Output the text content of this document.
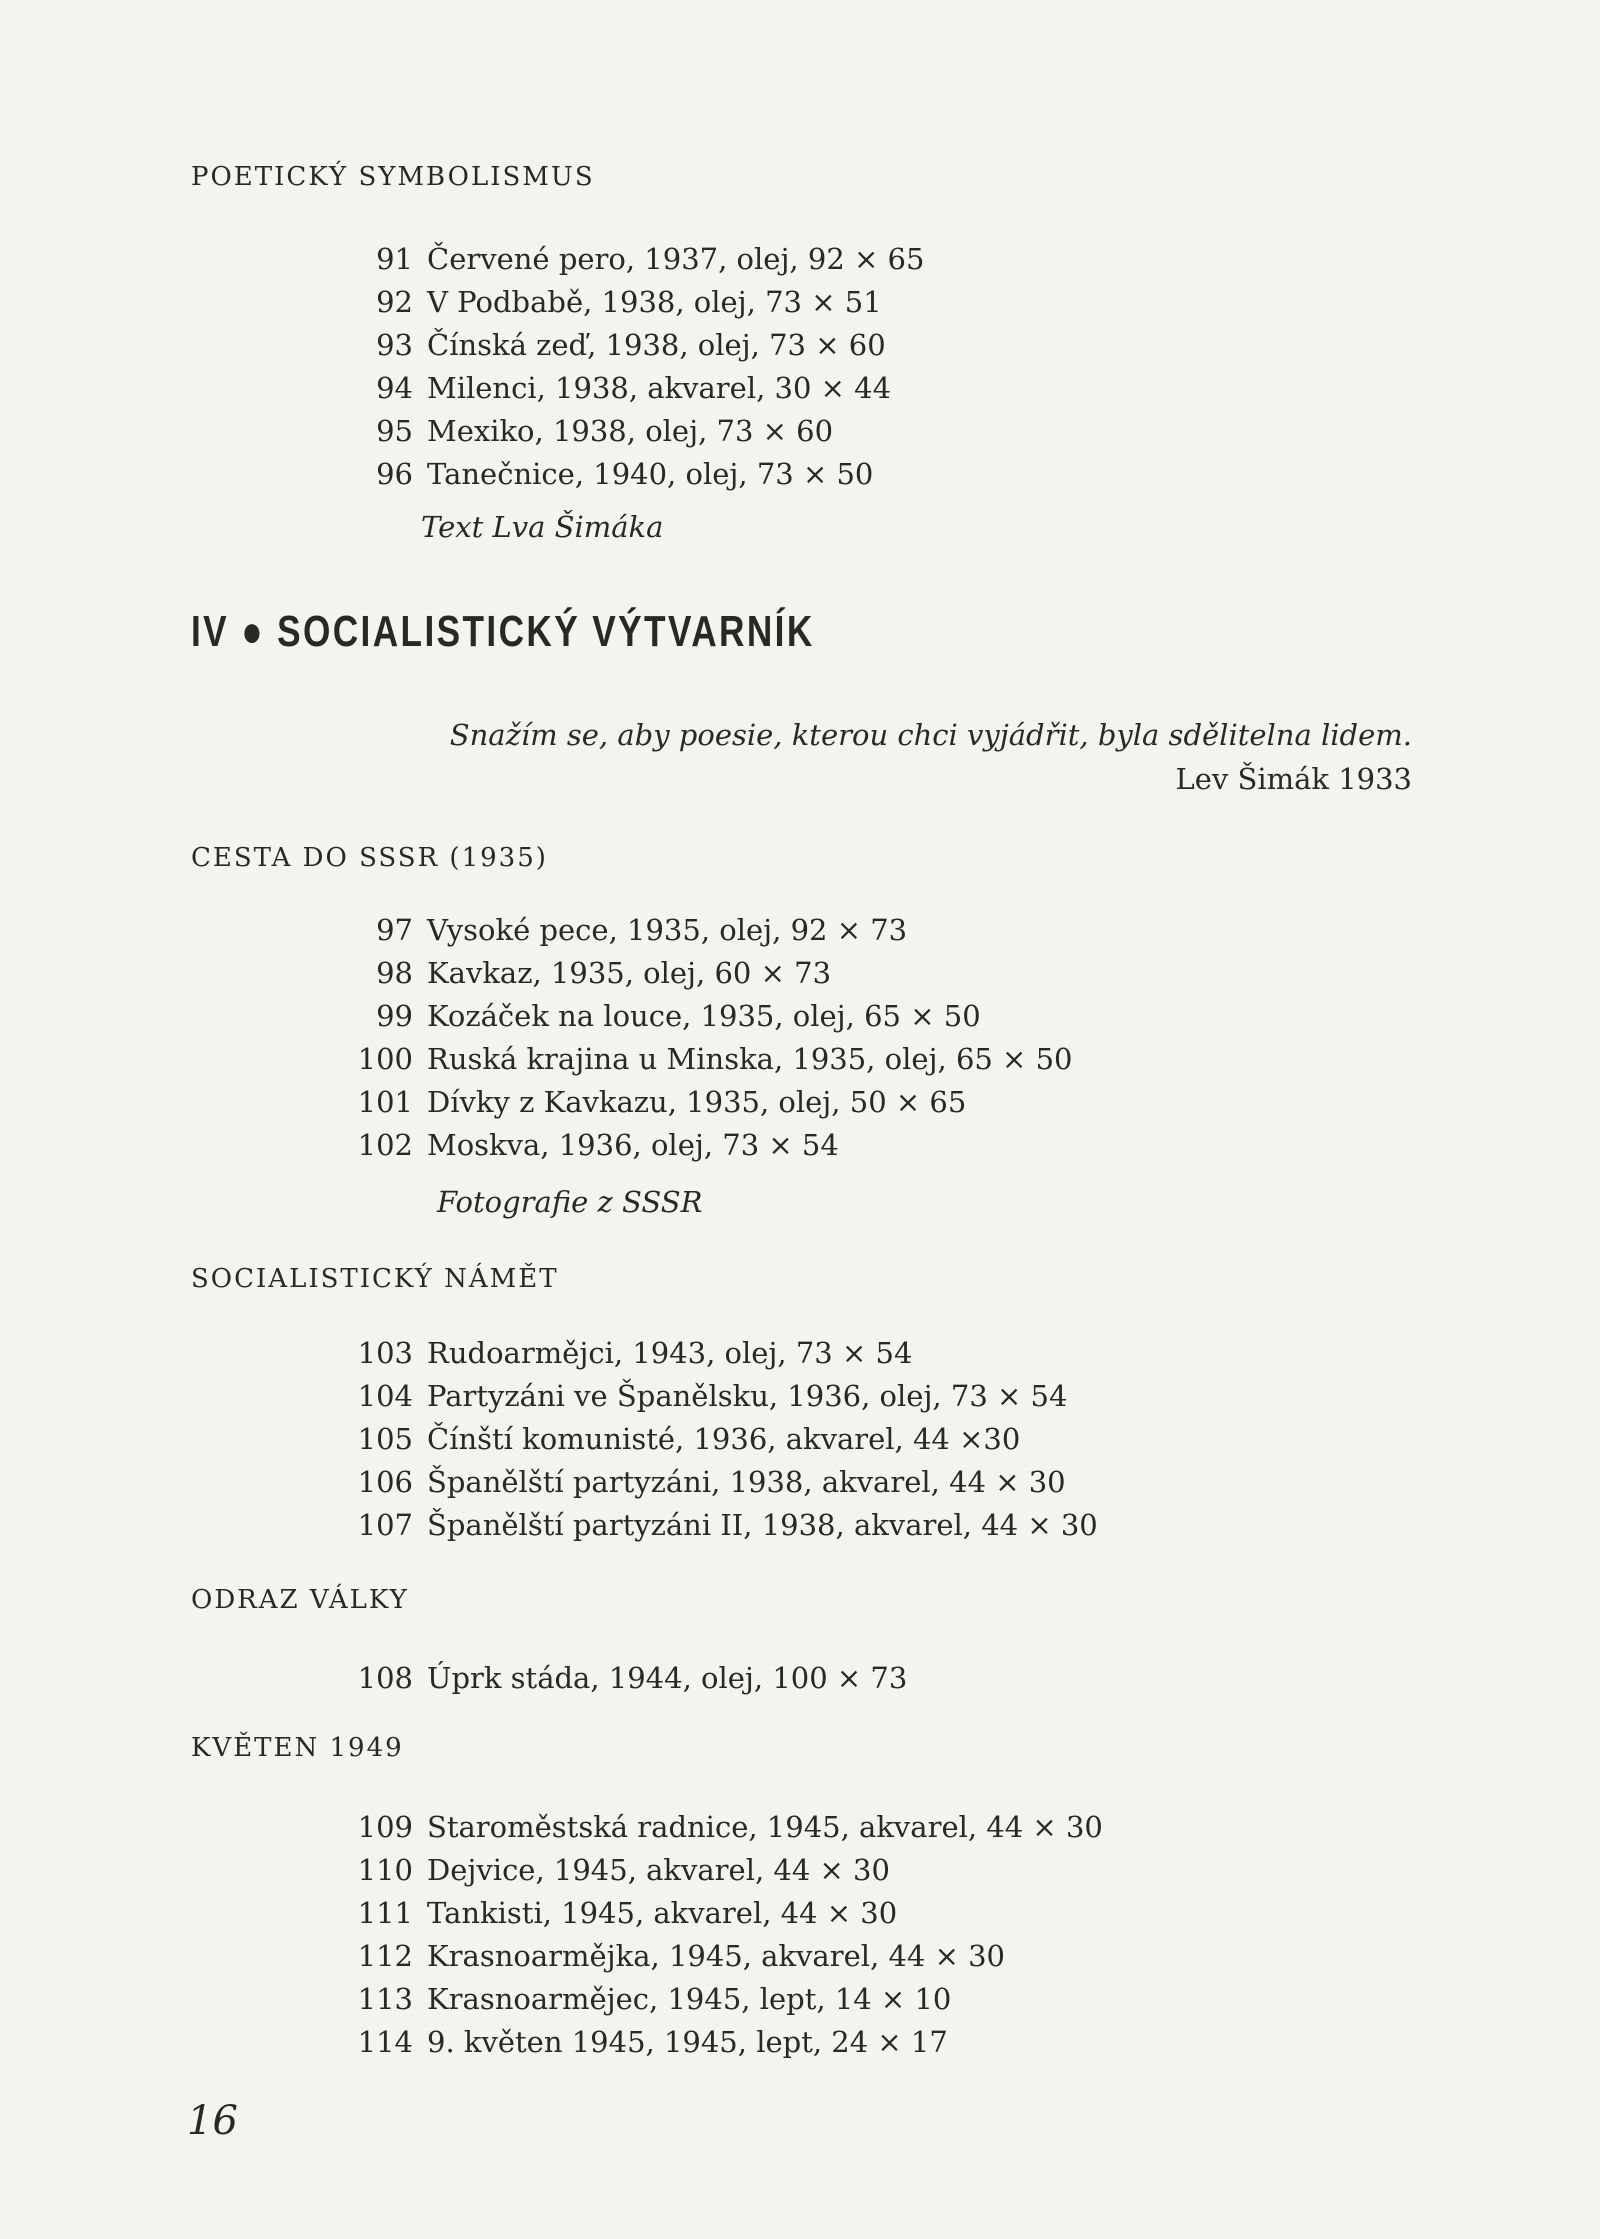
POETICKÝ SYMBOLISMUS
91 Červené pero, 1937, olej, 92 × 65
92 V Podbabě, 1938, olej, 73 × 51
93 Čínská zeď, 1938, olej, 73 × 60
94 Milenci, 1938, akvarel, 30 × 44
95 Mexiko, 1938, olej, 73 × 60
96 Tanečnice, 1940, olej, 73 × 50
Text Lva Šimáka
IV ● SOCIALISTICKÝ VÝTVARNÍK
Snažím se, aby poesie, kterou chci vyjádřit, byla sdělitelna lidem.
Lev Šimák 1933
CESTA DO SSSR (1935)
97 Vysoké pece, 1935, olej, 92 × 73
98 Kavkaz, 1935, olej, 60 × 73
99 Kozáček na louce, 1935, olej, 65 × 50
100 Ruská krajina u Minska, 1935, olej, 65 × 50
101 Dívky z Kavkazu, 1935, olej, 50 × 65
102 Moskva, 1936, olej, 73 × 54
Fotografie z SSSR
SOCIALISTICKÝ NÁMĚT
103 Rudoarmějci, 1943, olej, 73 × 54
104 Partyzáni ve Španělsku, 1936, olej, 73 × 54
105 Čínští komunisté, 1936, akvarel, 44 ×30
106 Španělští partyzáni, 1938, akvarel, 44 × 30
107 Španělští partyzáni II, 1938, akvarel, 44 × 30
ODRAZ VÁLKY
108 Úprk stáda, 1944, olej, 100 × 73
KVĚTEN 1949
109 Staroměstská radnice, 1945, akvarel, 44 × 30
110 Dejvice, 1945, akvarel, 44 × 30
111 Tankisti, 1945, akvarel, 44 × 30
112 Krasnoarmějka, 1945, akvarel, 44 × 30
113 Krasnoarmějec, 1945, lept, 14 × 10
114 9. květen 1945, 1945, lept, 24 × 17
16
